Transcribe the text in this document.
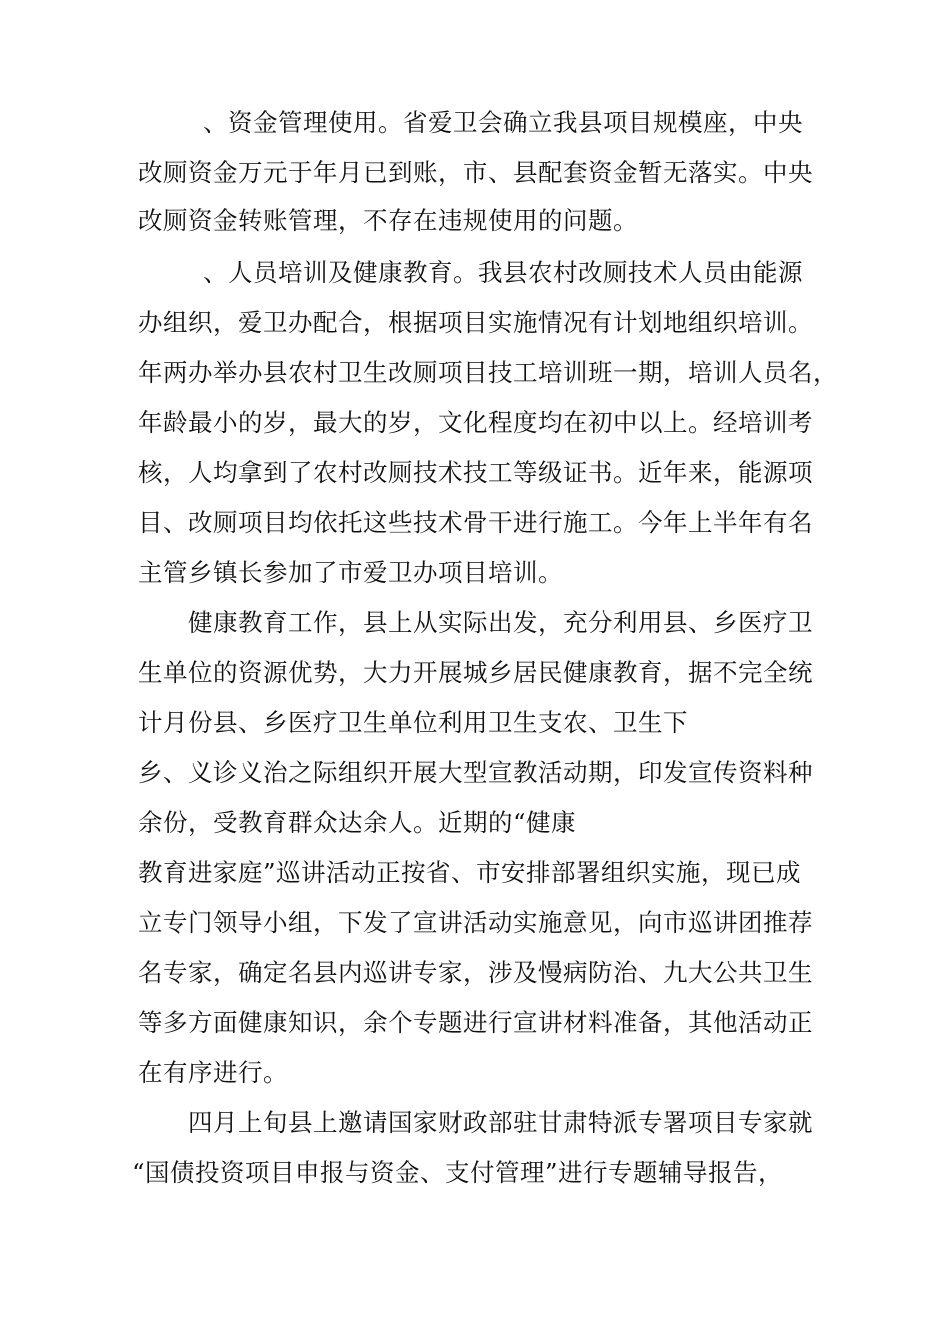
、资金管理使用。省爱卫会确立我县项目规模座，中央
改厕资金万元于年月已到账，市、县配套资金暂无落实。中央
改厕资金转账管理，不存在违规使用的问题。
、人员培训及健康教育。我县农村改厕技术人员由能源
办组织，爱卫办配合，根据项目实施情况有计划地组织培训。
年两办举办县农村卫生改厕项目技工培训班一期，培训人员名，
年龄最小的岁，最大的岁，文化程度均在初中以上。经培训考
核，人均拿到了农村改厕技术技工等级证书。近年来，能源项
目、改厕项目均依托这些技术骨干进行施工。今年上半年有名
主管乡镇长参加了市爱卫办项目培训。
健康教育工作，县上从实际出发，充分利用县、乡医疗卫
生单位的资源优势，大力开展城乡居民健康教育，据不完全统
计月份县、乡医疗卫生单位利用卫生支农、卫生下
乡、义诊义治之际组织开展大型宣教活动期，印发宣传资料种
余份，受教育群众达余人。近期的“健康
教育进家庭”巡讲活动正按省、市安排部署组织实施，现已成
立专门领导小组，下发了宣讲活动实施意见，向市巡讲团推荐
名专家，确定名县内巡讲专家，涉及慢病防治、九大公共卫生
等多方面健康知识，余个专题进行宣讲材料准备，其他活动正
在有序进行。
四月上旬县上邀请国家财政部驻甘肃特派专署项目专家就
“国债投资项目申报与资金、支付管理”进行专题辅导报告，
